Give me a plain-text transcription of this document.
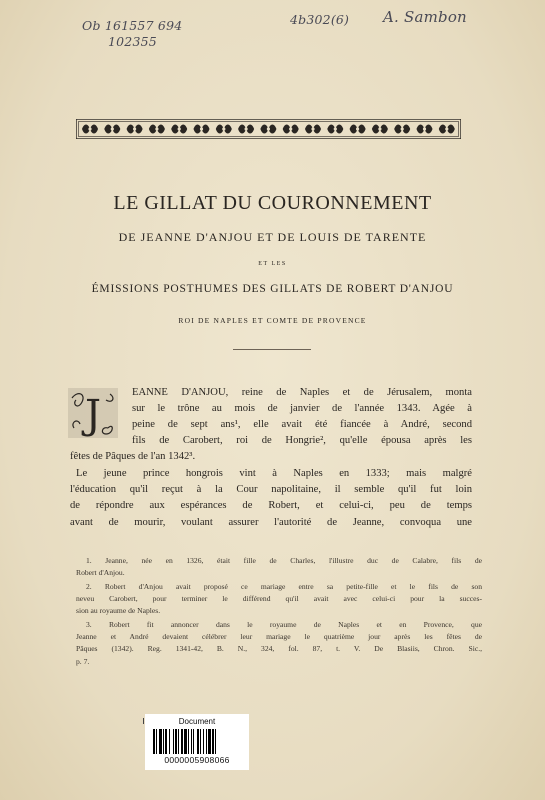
Ob 161557 694
102355
4b302(6) A. Sambon
LE GILLAT DU COURONNEMENT
DE JEANNE D'ANJOU ET DE LOUIS DE TARENTE
ET LES
ÉMISSIONS POSTHUMES DES GILLATS DE ROBERT D'ANJOU
ROI DE NAPLES ET COMTE DE PROVENCE
J	EANNE D'ANJOU, reine de Naples et de Jérusalem, monta
sur le trône au mois de janvier de l'année 1343. Agée à
peine de sept ans¹, elle avait été fiancée à André, second
fils de Carobert, roi de Hongrie², qu'elle épousa après les
fêtes de Pâques de l'an 1342³.
Le jeune prince hongrois vint à Naples en 1333; mais malgré
l'éducation qu'il reçut à la Cour napolitaine, il semble qu'il fut loin
de répondre aux espérances de Robert, et celui-ci, peu de temps
avant de mourir, voulant assurer l'autorité de Jeanne, convoqua une
1. Jeanne, née en 1326, était fille de Charles, l'illustre duc de Calabre, fils de
Robert d'Anjou.
2. Robert d'Anjou avait proposé ce mariage entre sa petite-fille et le fils de son
neveu Carobert, pour terminer le différend qu'il avait avec celui-ci pour la succes-
sion au royaume de Naples.
3. Robert fit annoncer dans le royaume de Naples et en Provence, que
Jeanne et André devaient célébrer leur mariage le quatrième jour après les fêtes de
Pâques (1342). Reg. 1341-42, B. N., 324, fol. 87, t. V. De Blasiis, Chron. Sic.,
p. 7.
Document
0000005908066
